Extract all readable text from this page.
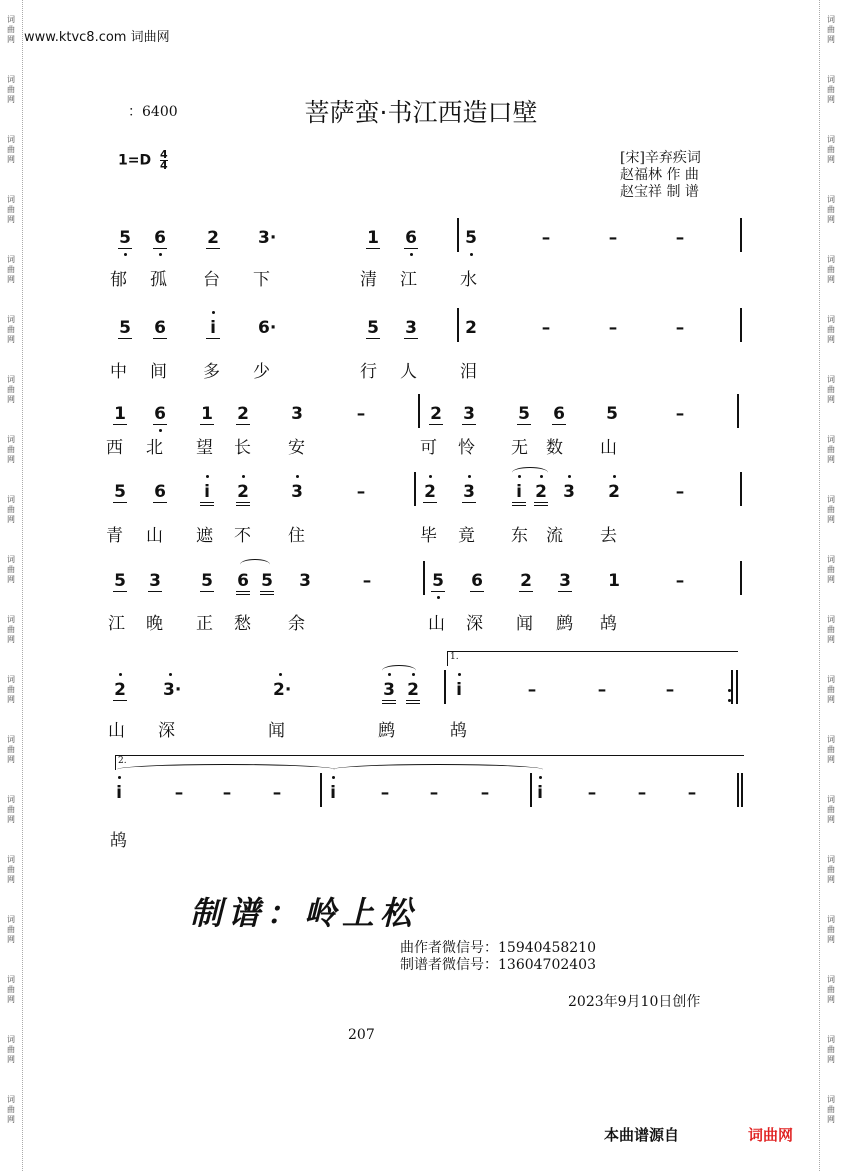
词
曲
网
词
曲
网
词
曲
网
词
曲
网
词
曲
网
词
曲
网
词
曲
网
词
曲
网
词
曲
网
词
曲
网
词
曲
网
词
曲
网
词
曲
网
词
曲
网
词
曲
网
词
曲
网
词
曲
网
词
曲
网
词
曲
网
词
曲
网
词
曲
网
词
曲
网
词
曲
网
词
曲
网
词
曲
网
词
曲
网
词
曲
网
词
曲
网
词
曲
网
词
曲
网
词
曲
网
词
曲
网
词
曲
网
词
曲
网
词
曲
网
词
曲
网
词
曲
网
词
曲
网
www.ktvc8.com 词曲网
：6400	菩萨蛮·书江西造口壁
$1=D \frac{4}{4}$	[宋]辛弃疾词
赵福林 作 曲
赵宝祥 制 谱
5 6 2 3·	1 6	5	–	–	–
郁 孤 台 下	清 江	水
5 6	i 6·	5 3	2	–	–	–
中 间 多 少	行 人	泪
1 6 1 2 3	–	2 3	5 6 5	–
西 北 望 长 安	可 怜 无 数 山
5 6 i 2 3	–	2 3 i 2 3 2	–
青 山 遮 不 住	毕 竟 东 流 去
5 3 5 6 5 3	–	5 6 2 3 1	–
江 晚 正 愁 余	山 深 闻 鹧 鸪
2 3·	2·	3 2 i	–	–	–
山 深	闻	鹧	鸪
1.
i	– – –	i	– –	–	i	– – –
鸪
2.
制谱：岭上松
曲作者微信号：15940458210
制谱者微信号：13604702403
2023年9月10日创作
207
本曲谱源自	词曲网
